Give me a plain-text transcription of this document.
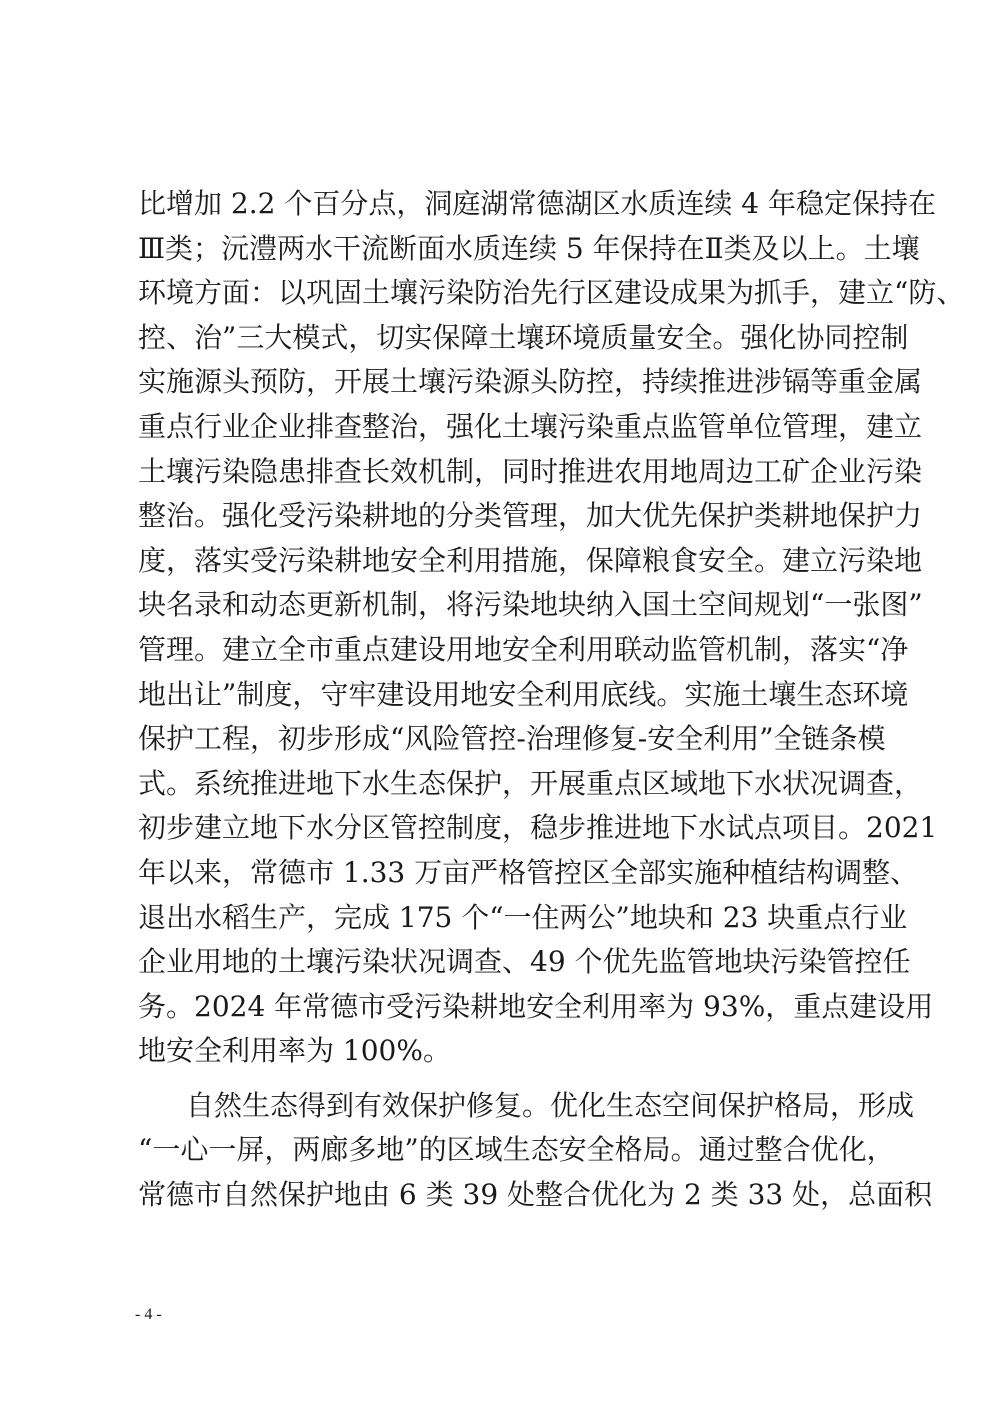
比增加 2.2 个百分点，洞庭湖常德湖区水质连续 4 年稳定保持在
Ⅲ类；沅澧两水干流断面水质连续 5 年保持在Ⅱ类及以上。土壤
环境方面：以巩固土壤污染防治先行区建设成果为抓手，建立“防、
控、治”三大模式，切实保障土壤环境质量安全。强化协同控制
实施源头预防，开展土壤污染源头防控，持续推进涉镉等重金属
重点行业企业排查整治，强化土壤污染重点监管单位管理，建立
土壤污染隐患排查长效机制，同时推进农用地周边工矿企业污染
整治。强化受污染耕地的分类管理，加大优先保护类耕地保护力
度，落实受污染耕地安全利用措施，保障粮食安全。建立污染地
块名录和动态更新机制，将污染地块纳入国土空间规划“一张图”
管理。建立全市重点建设用地安全利用联动监管机制，落实“净
地出让”制度，守牢建设用地安全利用底线。实施土壤生态环境
保护工程，初步形成“风险管控-治理修复-安全利用”全链条模
式。系统推进地下水生态保护，开展重点区域地下水状况调查，
初步建立地下水分区管控制度，稳步推进地下水试点项目。2021
年以来，常德市 1.33 万亩严格管控区全部实施种植结构调整、
退出水稻生产，完成 175 个“一住两公”地块和 23 块重点行业
企业用地的土壤污染状况调查、49 个优先监管地块污染管控任
务。2024 年常德市受污染耕地安全利用率为 93%，重点建设用
地安全利用率为 100%。
自然生态得到有效保护修复。优化生态空间保护格局，形成
“一心一屏，两廊多地”的区域生态安全格局。通过整合优化，
常德市自然保护地由 6 类 39 处整合优化为 2 类 33 处，总面积
- 4 -
